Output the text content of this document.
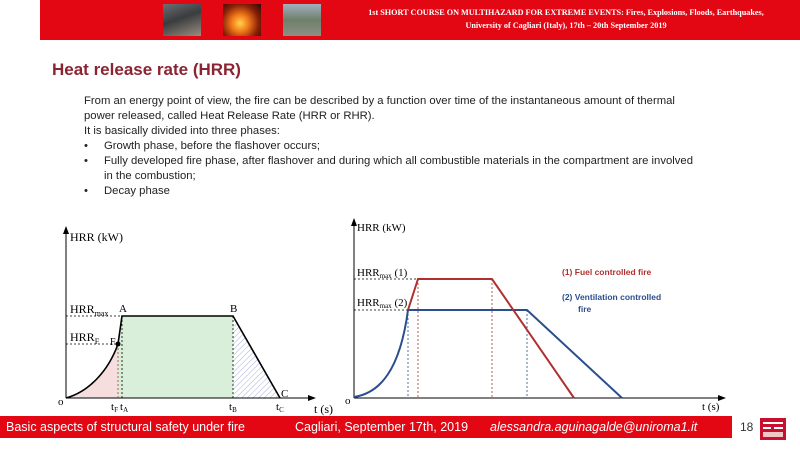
1st SHORT COURSE ON MULTIHAZARD FOR EXTREME EVENTS: Fires, Explosions, Floods, Earthquakes,
University of Cagliari (Italy), 17th – 20th September 2019
Heat release rate (HRR)

From an energy point of view, the fire can be described by a function over time of the instantaneous amount of thermal

power released, called Heat Release Rate (HRR or RHR).

It is basically divided into three phases:

• Growth phase, before the flashover occurs;
• Fully developed fire phase, after flashover and during which all combustible materials in the compartment are involved
in the combustion;
• Decay phase
HRR (kW)
t (s)
o
$HRR_{max}$
$HRR_F$
A	B
C
F
tF tA	tB	tC
HRR (kW)
t (s)
o
HRRmax (1)
HRRmax (2)
(1) Fuel controlled fire
(2) Ventilation controlled
fire
Basic aspects of structural safety under fire	Cagliari, September 17th, 2019 alessandra.aguinagalde@uniroma1.it	18
